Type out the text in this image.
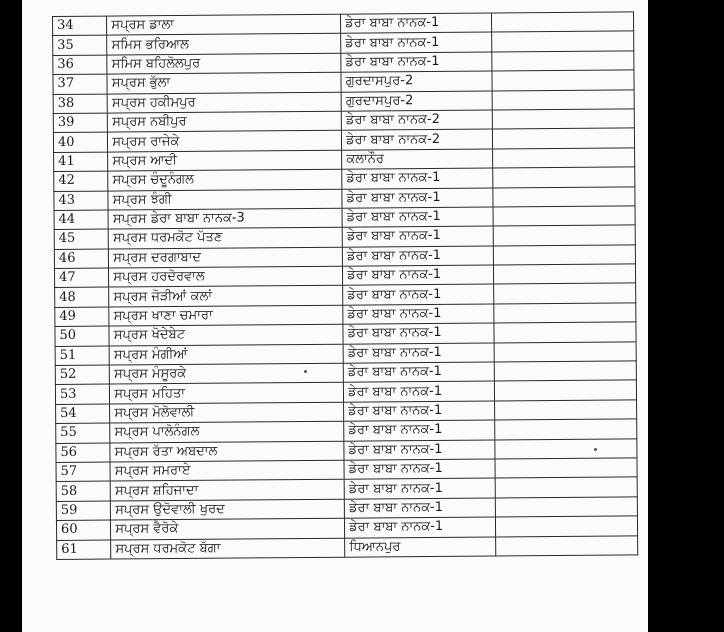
34	ਸਪ੍ਰਸ ਡਾਲਾ	ਡੇਰਾ ਬਾਬਾ ਨਾਨਕ-1	
35	ਸਮਿਸ ਭਰਿਆਲ	ਡੇਰਾ ਬਾਬਾ ਨਾਨਕ-1	
36	ਸਮਿਸ ਬਹਿਲੋਲਪੁਰ	ਡੇਰਾ ਬਾਬਾ ਨਾਨਕ-1	
37	ਸਪ੍ਰਸ ਭੁੱਲਾ	ਗੁਰਦਾਸਪੁਰ-2	
38	ਸਪ੍ਰਸ ਹਕੀਮਪੁਰ	ਗੁਰਦਾਸਪੁਰ-2	
39	ਸਪ੍ਰਸ ਨਬੀਪੁਰ	ਡੇਰਾ ਬਾਬਾ ਨਾਨਕ-2	
40	ਸਪ੍ਰਸ ਰਾਜੇਕੇ	ਡੇਰਾ ਬਾਬਾ ਨਾਨਕ-2	
41	ਸਪ੍ਰਸ ਆਦੀ	ਕਲਾਨੌਰ	
42	ਸਪ੍ਰਸ ਚੰਦੂਨੰਗਲ	ਡੇਰਾ ਬਾਬਾ ਨਾਨਕ-1	
43	ਸਪ੍ਰਸ ਝੰਗੀ	ਡੇਰਾ ਬਾਬਾ ਨਾਨਕ-1	
44	ਸਪ੍ਰਸ ਡੇਰਾ ਬਾਬਾ ਨਾਨਕ-3	ਡੇਰਾ ਬਾਬਾ ਨਾਨਕ-1	
45	ਸਪ੍ਰਸ ਧਰਮਕੋਟ ਪੱਤਣ	ਡੇਰਾ ਬਾਬਾ ਨਾਨਕ-1	
46	ਸਪ੍ਰਸ ਦਰਗਾਬਾਦ	ਡੇਰਾ ਬਾਬਾ ਨਾਨਕ-1	
47	ਸਪ੍ਰਸ ਹਰਦੋਰਵਾਲ	ਡੇਰਾ ਬਾਬਾ ਨਾਨਕ-1	
48	ਸਪ੍ਰਸ ਜੋੜੀਆਂ ਕਲਾਂ	ਡੇਰਾ ਬਾਬਾ ਨਾਨਕ-1	
49	ਸਪ੍ਰਸ ਖਾਣਾ ਚਮਾਰਾ	ਡੇਰਾ ਬਾਬਾ ਨਾਨਕ-1	
50	ਸਪ੍ਰਸ ਖੋਦੇਬੇਟ	ਡੇਰਾ ਬਾਬਾ ਨਾਨਕ-1	
51	ਸਪ੍ਰਸ ਮੰਗੀਆਂ	ਡੇਰਾ ਬਾਬਾ ਨਾਨਕ-1	
52	ਸਪ੍ਰਸ ਮੰਸੂਰਕੇ	ਡੇਰਾ ਬਾਬਾ ਨਾਨਕ-1	
53	ਸਪ੍ਰਸ ਮਹਿਤਾ	ਡੇਰਾ ਬਾਬਾ ਨਾਨਕ-1	
54	ਸਪ੍ਰਸ ਮੋਲੋਵਾਲੀ	ਡੇਰਾ ਬਾਬਾ ਨਾਨਕ-1	
55	ਸਪ੍ਰਸ ਪਾਲੋਨੰਗਲ	ਡੇਰਾ ਬਾਬਾ ਨਾਨਕ-1	
56	ਸਪ੍ਰਸ ਰੱਤਾ ਅਬਦਾਲ	ਡੇਰਾ ਬਾਬਾ ਨਾਨਕ-1	
57	ਸਪ੍ਰਸ ਸਮਰਾਏ	ਡੇਰਾ ਬਾਬਾ ਨਾਨਕ-1	
58	ਸਪ੍ਰਸ ਸ਼ਹਿਜਾਦਾ	ਡੇਰਾ ਬਾਬਾ ਨਾਨਕ-1	
59	ਸਪ੍ਰਸ ਉਦੋਵਾਲੀ ਖੁਰਦ	ਡੇਰਾ ਬਾਬਾ ਨਾਨਕ-1	
60	ਸਪ੍ਰਸ ਵੈਰੋਕੇ	ਡੇਰਾ ਬਾਬਾ ਨਾਨਕ-1	
61	ਸਪ੍ਰਸ ਧਰਮਕੋਟ ਬੱਗਾ	ਧਿਆਨਪੁਰ	
